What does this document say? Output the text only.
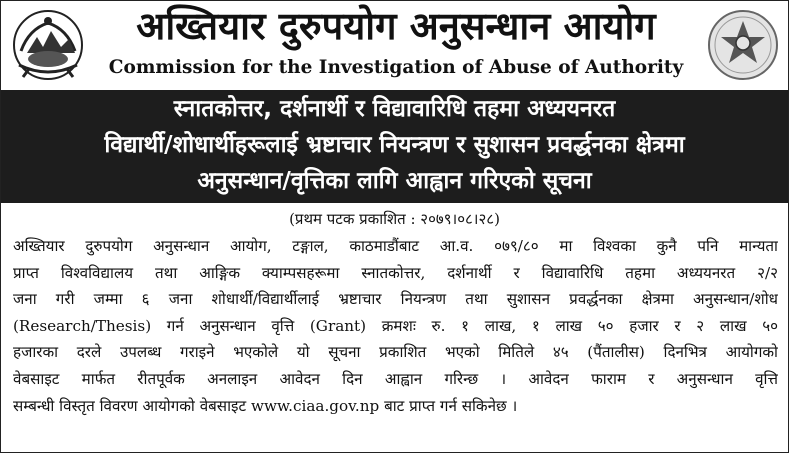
अख्तियार दुरुपयोग अनुसन्धान आयोग
Commission for the Investigation of Abuse of Authority
स्नातकोत्तर, दर्शनार्थी र विद्यावारिधि तहमा अध्ययनरत
विद्यार्थी/शोधार्थीहरूलाई भ्रष्टाचार नियन्त्रण र सुशासन प्रवर्द्धनका क्षेत्रमा
अनुसन्धान/वृत्तिका लागि आह्वान गरिएको सूचना
(प्रथम पटक प्रकाशित : २०७९।०८।२८)
अख्तियार दुरुपयोग अनुसन्धान आयोग, टङ्गाल, काठमाडौंबाट आ.व. ०७९/८० मा विश्वका कुनै पनि मान्यता
प्राप्त विश्वविद्यालय तथा आङ्गिक क्याम्पसहरूमा स्नातकोत्तर, दर्शनार्थी र विद्यावारिधि तहमा अध्ययनरत २/२
जना गरी जम्मा ६ जना शोधार्थी/विद्यार्थीलाई भ्रष्टाचार नियन्त्रण तथा सुशासन प्रवर्द्धनका क्षेत्रमा अनुसन्धान/शोध
(Research/Thesis) गर्न अनुसन्धान वृत्ति (Grant) क्रमशः रु. १ लाख, १ लाख ५० हजार र २ लाख ५०
हजारका दरले उपलब्ध गराइने भएकोले यो सूचना प्रकाशित भएको मितिले ४५ (पैंतालीस) दिनभित्र आयोगको
वेबसाइट मार्फत रीतपूर्वक अनलाइन आवेदन दिन आह्वान गरिन्छ । आवेदन फाराम र अनुसन्धान वृत्ति
सम्बन्धी विस्तृत विवरण आयोगको वेबसाइट www.ciaa.gov.np बाट प्राप्त गर्न सकिनेछ ।
